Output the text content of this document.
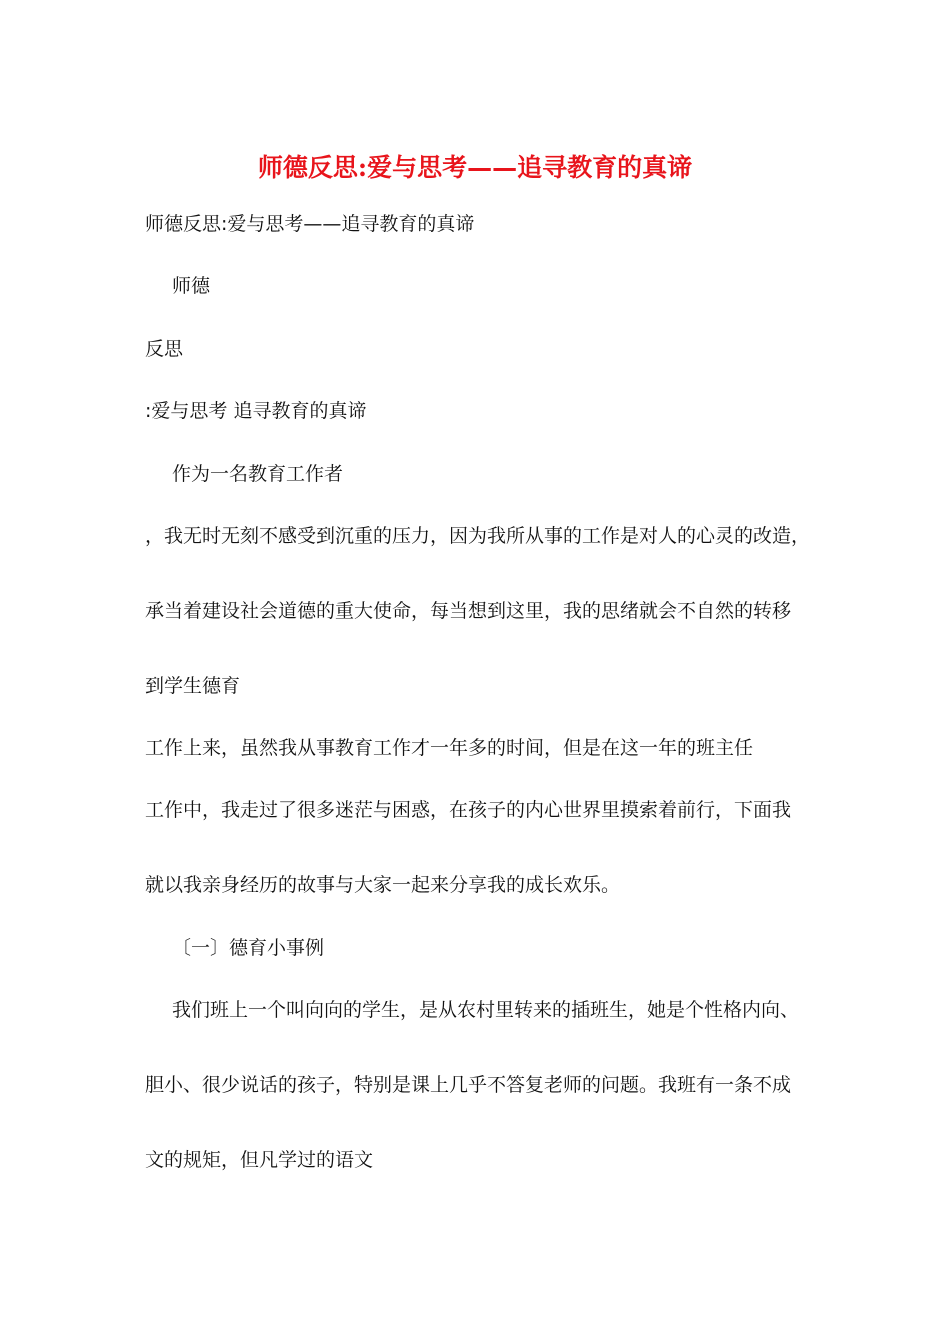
师德反思:爱与思考——追寻教育的真谛
师德反思:爱与思考——追寻教育的真谛
师德
反思
:爱与思考 追寻教育的真谛
作为一名教育工作者
，我无时无刻不感受到沉重的压力，因为我所从事的工作是对人的心灵的改造，
承当着建设社会道德的重大使命，每当想到这里，我的思绪就会不自然的转移
到学生德育
工作上来，虽然我从事教育工作才一年多的时间，但是在这一年的班主任
工作中，我走过了很多迷茫与困惑，在孩子的内心世界里摸索着前行，下面我
就以我亲身经历的故事与大家一起来分享我的成长欢乐。
〔一〕德育小事例
我们班上一个叫向向的学生，是从农村里转来的插班生，她是个性格内向、
胆小、很少说话的孩子，特别是课上几乎不答复老师的问题。我班有一条不成
文的规矩，但凡学过的语文
